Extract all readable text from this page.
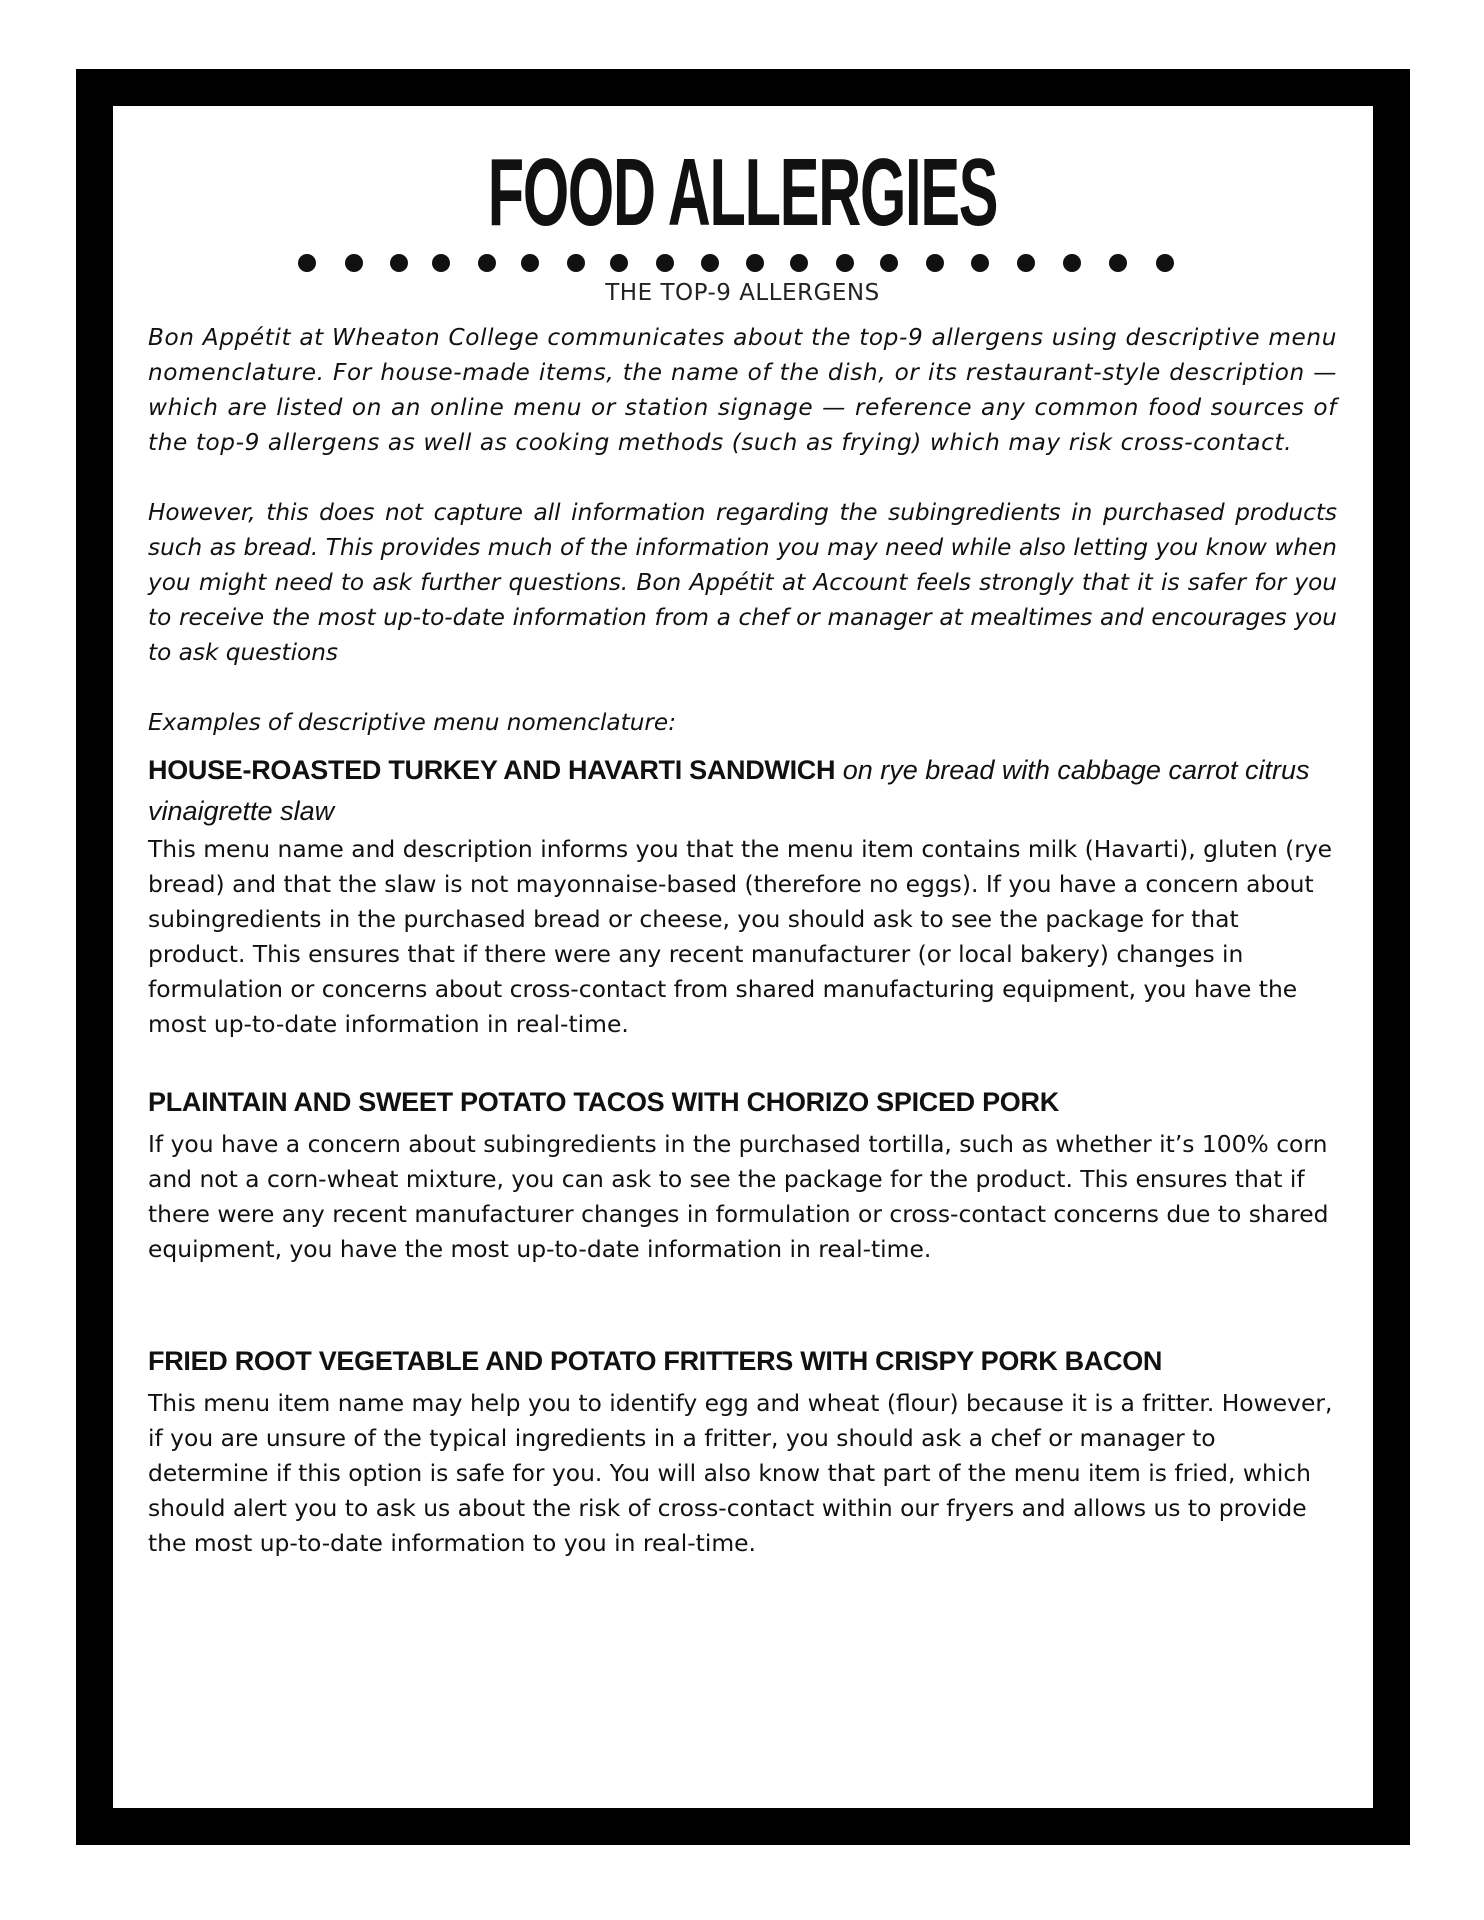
FOOD ALLERGIES
THE TOP-9 ALLERGENS

Bon Appétit at Wheaton College communicates about the top-9 allergens using descriptive menu nomenclature. For house-made items, the name of the dish, or its restaurant-style description — which are listed on an online menu or station signage — reference any common food sources of the top-9 allergens as well as cooking methods (such as frying) which may risk cross-contact.

However, this does not capture all information regarding the subingredients in purchased products such as bread. This provides much of the information you may need while also letting you know when you might need to ask further questions. Bon Appétit at Account feels strongly that it is safer for you to receive the most up-to-date information from a chef or manager at mealtimes and encourages you to ask questions

Examples of descriptive menu nomenclature:

HOUSE-ROASTED TURKEY AND HAVARTI SANDWICH on rye bread with cabbage carrot citrus vinaigrette slaw

This menu name and description informs you that the menu item contains milk (Havarti), gluten (rye bread) and that the slaw is not mayonnaise-based (therefore no eggs). If you have a concern about subingredients in the purchased bread or cheese, you should ask to see the package for that product. This ensures that if there were any recent manufacturer (or local bakery) changes in formulation or concerns about cross-contact from shared manufacturing equipment, you have the most up-to-date information in real-time.

PLAINTAIN AND SWEET POTATO TACOS WITH CHORIZO SPICED PORK

If you have a concern about subingredients in the purchased tortilla, such as whether it’s 100% corn and not a corn-wheat mixture, you can ask to see the package for the product. This ensures that if there were any recent manufacturer changes in formulation or cross-contact concerns due to shared equipment, you have the most up-to-date information in real-time.

FRIED ROOT VEGETABLE AND POTATO FRITTERS WITH CRISPY PORK BACON

This menu item name may help you to identify egg and wheat (flour) because it is a fritter. However, if you are unsure of the typical ingredients in a fritter, you should ask a chef or manager to determine if this option is safe for you. You will also know that part of the menu item is fried, which should alert you to ask us about the risk of cross-contact within our fryers and allows us to provide the most up-to-date information to you in real-time.
